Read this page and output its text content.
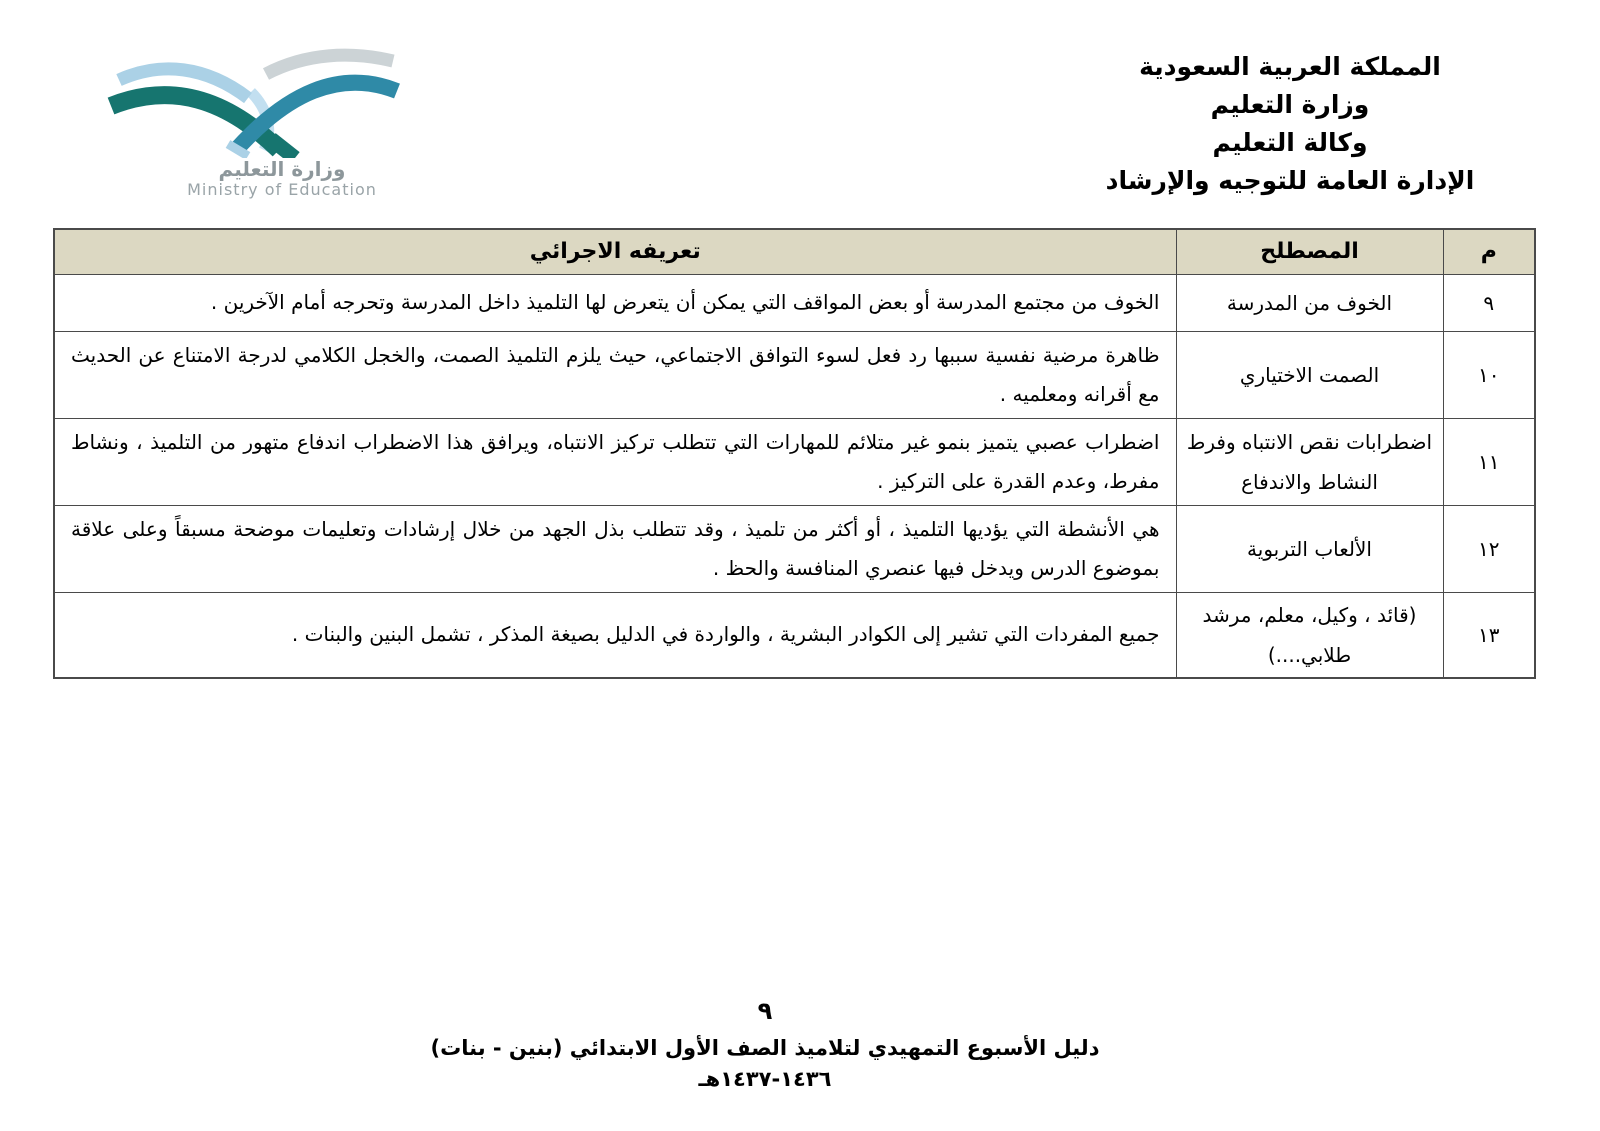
وزارة التعليم
Ministry of Education
المملكة العربية السعودية
وزارة التعليم
وكالة التعليم
الإدارة العامة للتوجيه والإرشاد
م	المصطلح	تعريفه الاجرائي
٩	الخوف من المدرسة	الخوف من مجتمع المدرسة أو بعض المواقف التي يمكن أن يتعرض لها التلميذ داخل المدرسة وتحرجه أمام الآخرين .
١٠	الصمت الاختياري	ظاهرة مرضية نفسية سببها رد فعل لسوء التوافق الاجتماعي، حيث يلزم التلميذ الصمت، والخجل الكلامي لدرجة الامتناع عن الحديث مع أقرانه ومعلميه .
١١	اضطرابات نقص الانتباه وفرط النشاط والاندفاع	اضطراب عصبي يتميز بنمو غير متلائم للمهارات التي تتطلب تركيز الانتباه، ويرافق هذا الاضطراب اندفاع متهور من التلميذ ، ونشاط مفرط، وعدم القدرة على التركيز .
١٢	الألعاب التربوية	هي الأنشطة التي يؤديها التلميذ ، أو أكثر من تلميذ ، وقد تتطلب بذل الجهد من خلال إرشادات وتعليمات موضحة مسبقاً وعلى علاقة بموضوع الدرس ويدخل فيها عنصري المنافسة والحظ .
١٣	(قائد ، وكيل، معلم، مرشد طلابي....)	جميع المفردات التي تشير إلى الكوادر البشرية ، والواردة في الدليل بصيغة المذكر ، تشمل البنين والبنات .
٩
دليل الأسبوع التمهيدي لتلاميذ الصف الأول الابتدائي (بنين - بنات)
١٤٣٦-١٤٣٧هـ
